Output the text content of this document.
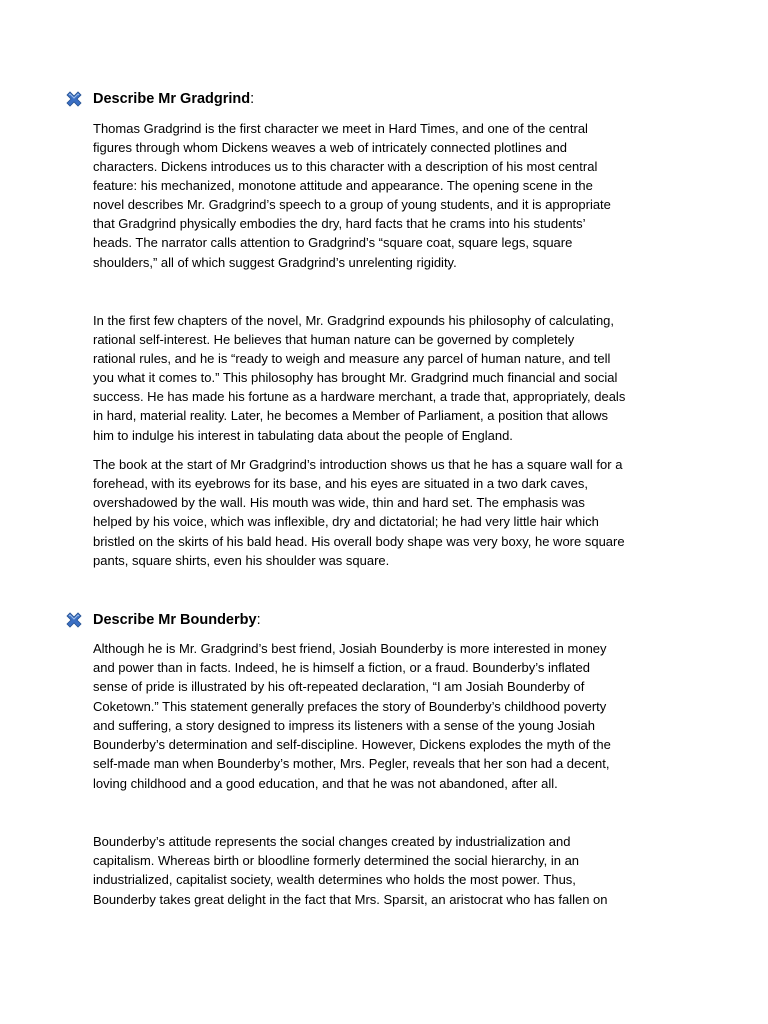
Describe Mr Gradgrind:
Thomas Gradgrind is the first character we meet in Hard Times, and one of the central
figures through whom Dickens weaves a web of intricately connected plotlines and
characters. Dickens introduces us to this character with a description of his most central
feature: his mechanized, monotone attitude and appearance. The opening scene in the
novel describes Mr. Gradgrind’s speech to a group of young students, and it is appropriate
that Gradgrind physically embodies the dry, hard facts that he crams into his students’
heads. The narrator calls attention to Gradgrind’s “square coat, square legs, square
shoulders,” all of which suggest Gradgrind’s unrelenting rigidity.
In the first few chapters of the novel, Mr. Gradgrind expounds his philosophy of calculating,
rational self-interest. He believes that human nature can be governed by completely
rational rules, and he is “ready to weigh and measure any parcel of human nature, and tell
you what it comes to.” This philosophy has brought Mr. Gradgrind much financial and social
success. He has made his fortune as a hardware merchant, a trade that, appropriately, deals
in hard, material reality. Later, he becomes a Member of Parliament, a position that allows
him to indulge his interest in tabulating data about the people of England.
The book at the start of Mr Gradgrind’s introduction shows us that he has a square wall for a
forehead, with its eyebrows for its base, and his eyes are situated in a two dark caves,
overshadowed by the wall. His mouth was wide, thin and hard set. The emphasis was
helped by his voice, which was inflexible, dry and dictatorial; he had very little hair which
bristled on the skirts of his bald head. His overall body shape was very boxy, he wore square
pants, square shirts, even his shoulder was square.
Describe Mr Bounderby:
Although he is Mr. Gradgrind’s best friend, Josiah Bounderby is more interested in money
and power than in facts. Indeed, he is himself a fiction, or a fraud. Bounderby’s inflated
sense of pride is illustrated by his oft-repeated declaration, “I am Josiah Bounderby of
Coketown.” This statement generally prefaces the story of Bounderby’s childhood poverty
and suffering, a story designed to impress its listeners with a sense of the young Josiah
Bounderby’s determination and self-discipline. However, Dickens explodes the myth of the
self-made man when Bounderby’s mother, Mrs. Pegler, reveals that her son had a decent,
loving childhood and a good education, and that he was not abandoned, after all.
Bounderby’s attitude represents the social changes created by industrialization and
capitalism. Whereas birth or bloodline formerly determined the social hierarchy, in an
industrialized, capitalist society, wealth determines who holds the most power. Thus,
Bounderby takes great delight in the fact that Mrs. Sparsit, an aristocrat who has fallen on
